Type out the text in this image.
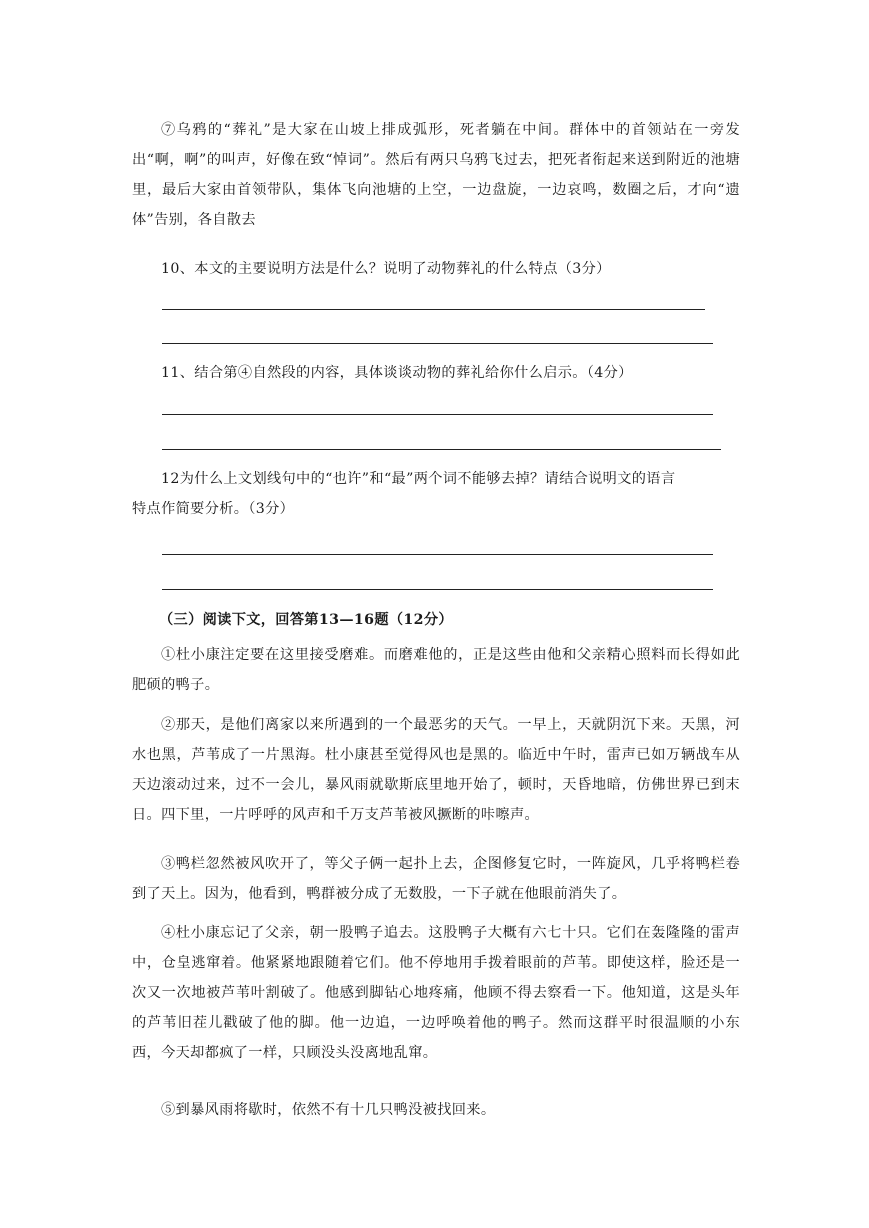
⑦乌鸦的“葬礼”是大家在山坡上排成弧形，死者躺在中间。群体中的首领站在一旁发出“啊，啊”的叫声，好像在致“悼词”。然后有两只乌鸦飞过去，把死者衔起来送到附近的池塘里，最后大家由首领带队，集体飞向池塘的上空，一边盘旋，一边哀鸣，数圈之后，才向“遗体”告别，各自散去

10、本文的主要说明方法是什么？说明了动物葬礼的什么特点（3分）

11、结合第④自然段的内容，具体谈谈动物的葬礼给你什么启示。（4分）

12为什么上文划线句中的“也许”和“最”两个词不能够去掉？请结合说明文的语言
特点作简要分析。（3分）

（三）阅读下文，回答第13—16题（12分）

①杜小康注定要在这里接受磨难。而磨难他的，正是这些由他和父亲精心照料而长得如此肥硕的鸭子。

②那天，是他们离家以来所遇到的一个最恶劣的天气。一早上，天就阴沉下来。天黑，河水也黑，芦苇成了一片黑海。杜小康甚至觉得风也是黑的。临近中午时，雷声已如万辆战车从天边滚动过来，过不一会儿，暴风雨就歇斯底里地开始了，顿时，天昏地暗，仿佛世界已到末日。四下里，一片呼呼的风声和千万支芦苇被风撅断的咔嚓声。

③鸭栏忽然被风吹开了，等父子俩一起扑上去，企图修复它时，一阵旋风，几乎将鸭栏卷到了天上。因为，他看到，鸭群被分成了无数股，一下子就在他眼前消失了。

④杜小康忘记了父亲，朝一股鸭子追去。这股鸭子大概有六七十只。它们在轰隆隆的雷声中，仓皇逃窜着。他紧紧地跟随着它们。他不停地用手拨着眼前的芦苇。即使这样，脸还是一次又一次地被芦苇叶割破了。他感到脚钻心地疼痛，他顾不得去察看一下。他知道，这是头年的芦苇旧茬儿戳破了他的脚。他一边追，一边呼唤着他的鸭子。然而这群平时很温顺的小东西，今天却都疯了一样，只顾没头没离地乱窜。

⑤到暴风雨将歇时，依然不有十几只鸭没被找回来。
